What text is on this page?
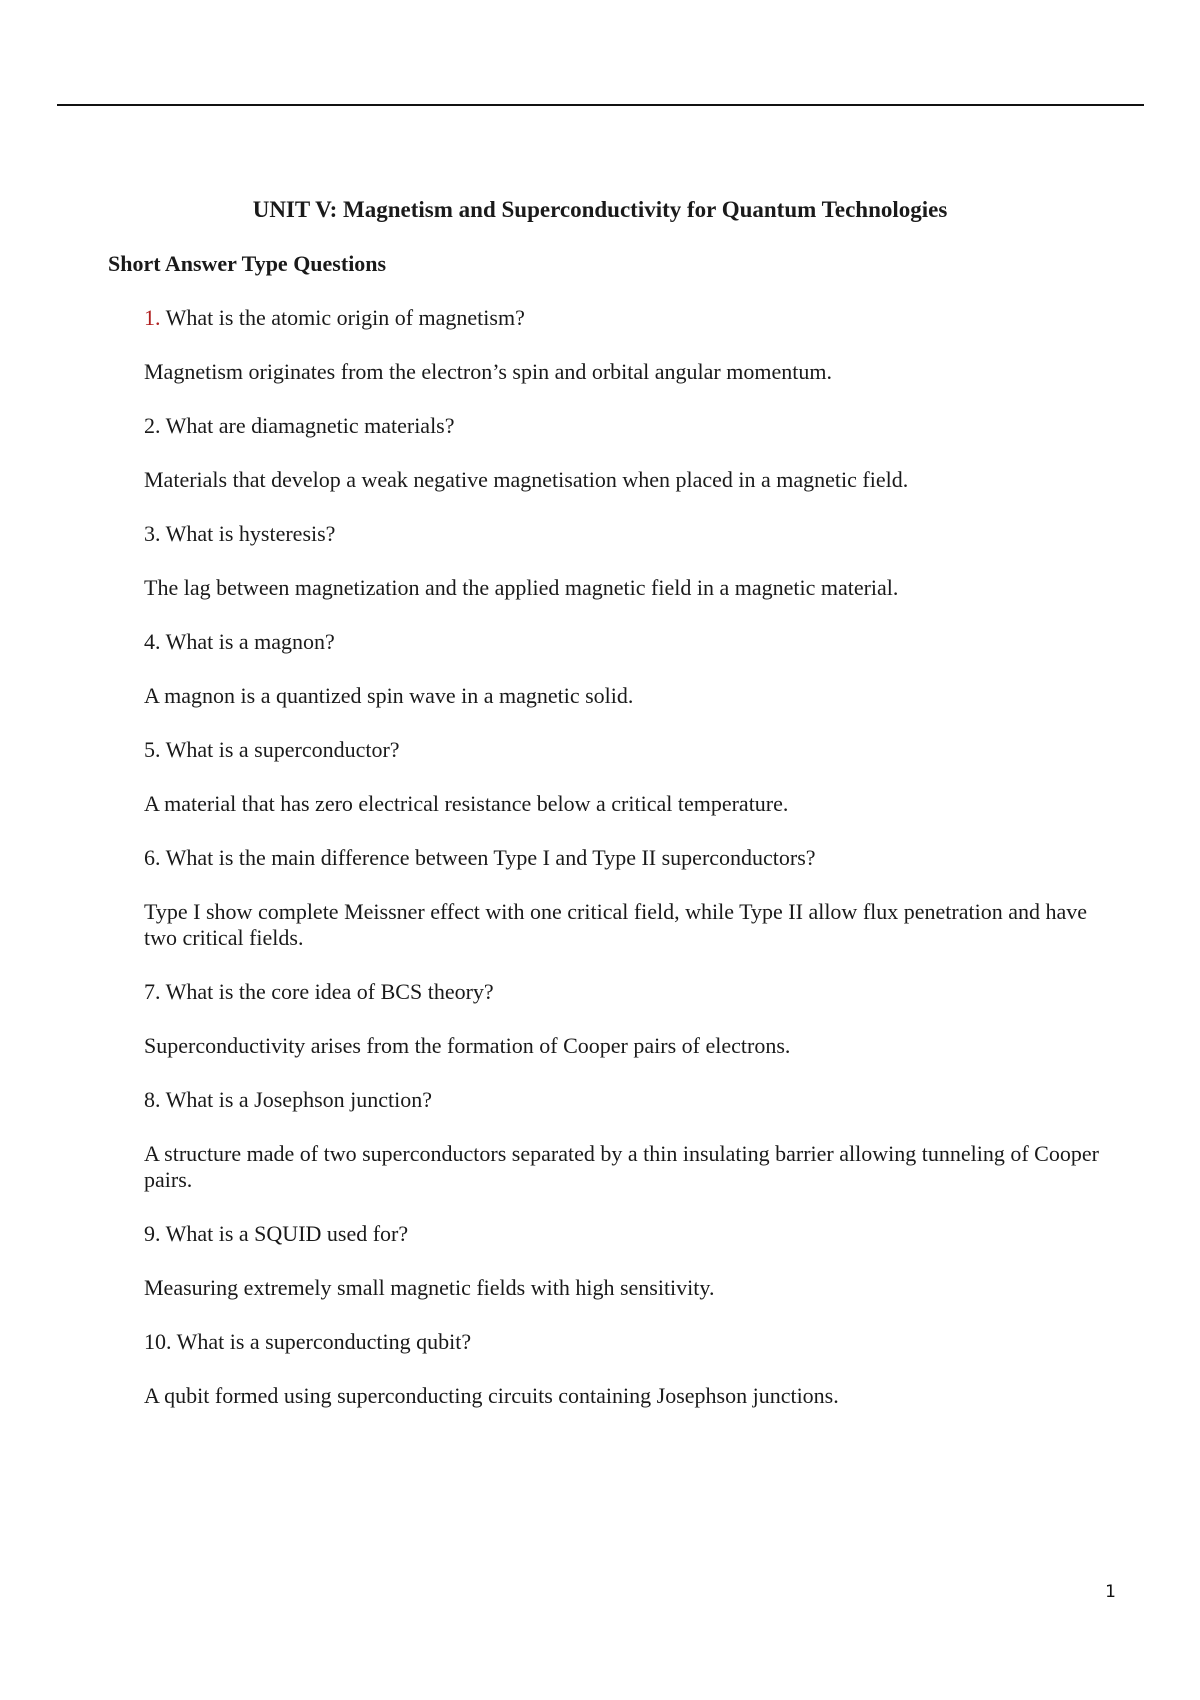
UNIT V: Magnetism and Superconductivity for Quantum Technologies
Short Answer Type Questions

1. What is the atomic origin of magnetism?

Magnetism originates from the electron’s spin and orbital angular momentum.

2. What are diamagnetic materials?

Materials that develop a weak negative magnetisation when placed in a magnetic field.

3. What is hysteresis?

The lag between magnetization and the applied magnetic field in a magnetic material.

4. What is a magnon?

A magnon is a quantized spin wave in a magnetic solid.

5. What is a superconductor?

A material that has zero electrical resistance below a critical temperature.

6. What is the main difference between Type I and Type II superconductors?

Type I show complete Meissner effect with one critical field, while Type II allow flux penetration and have two critical fields.

7. What is the core idea of BCS theory?

Superconductivity arises from the formation of Cooper pairs of electrons.

8. What is a Josephson junction?

A structure made of two superconductors separated by a thin insulating barrier allowing tunneling of Cooper pairs.

9. What is a SQUID used for?

Measuring extremely small magnetic fields with high sensitivity.

10. What is a superconducting qubit?

A qubit formed using superconducting circuits containing Josephson junctions.

1
